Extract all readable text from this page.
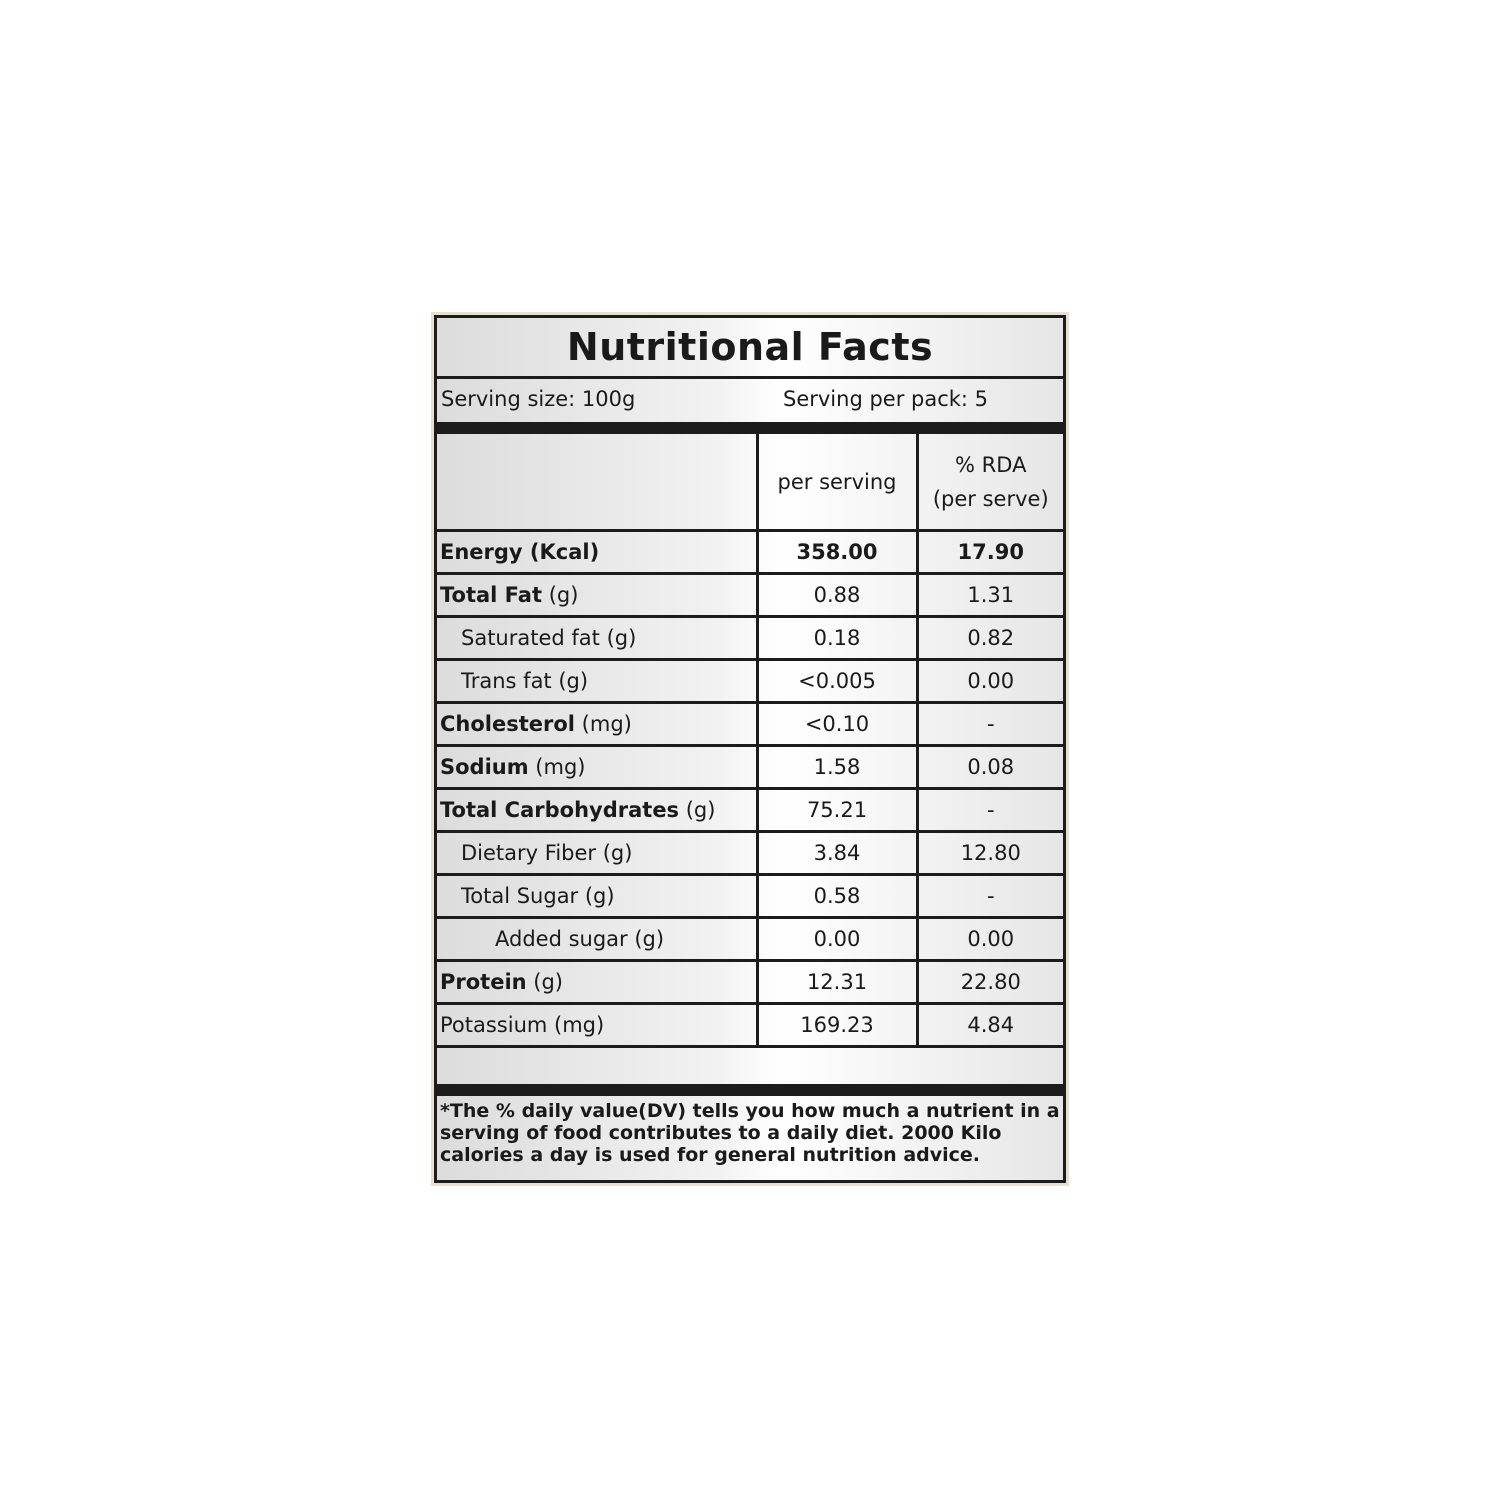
Nutritional Facts
Serving size: 100g	Serving per pack: 5
	per serving	% RDA
(per serve)
Energy (Kcal)	358.00	17.90
Total Fat (g)	0.88	1.31
Saturated fat (g)	0.18	0.82
Trans fat (g)	<0.005	0.00
Cholesterol (mg)	<0.10	-
Sodium (mg)	1.58	0.08
Total Carbohydrates (g)	75.21	-
Dietary Fiber (g)	3.84	12.80
Total Sugar (g)	0.58	-
Added sugar (g)	0.00	0.00
Protein (g)	12.31	22.80
Potassium (mg)	169.23	4.84
*The % daily value(DV) tells you how much a nutrient in a serving of food contributes to a daily diet. 2000 Kilo calories a day is used for general nutrition advice.
